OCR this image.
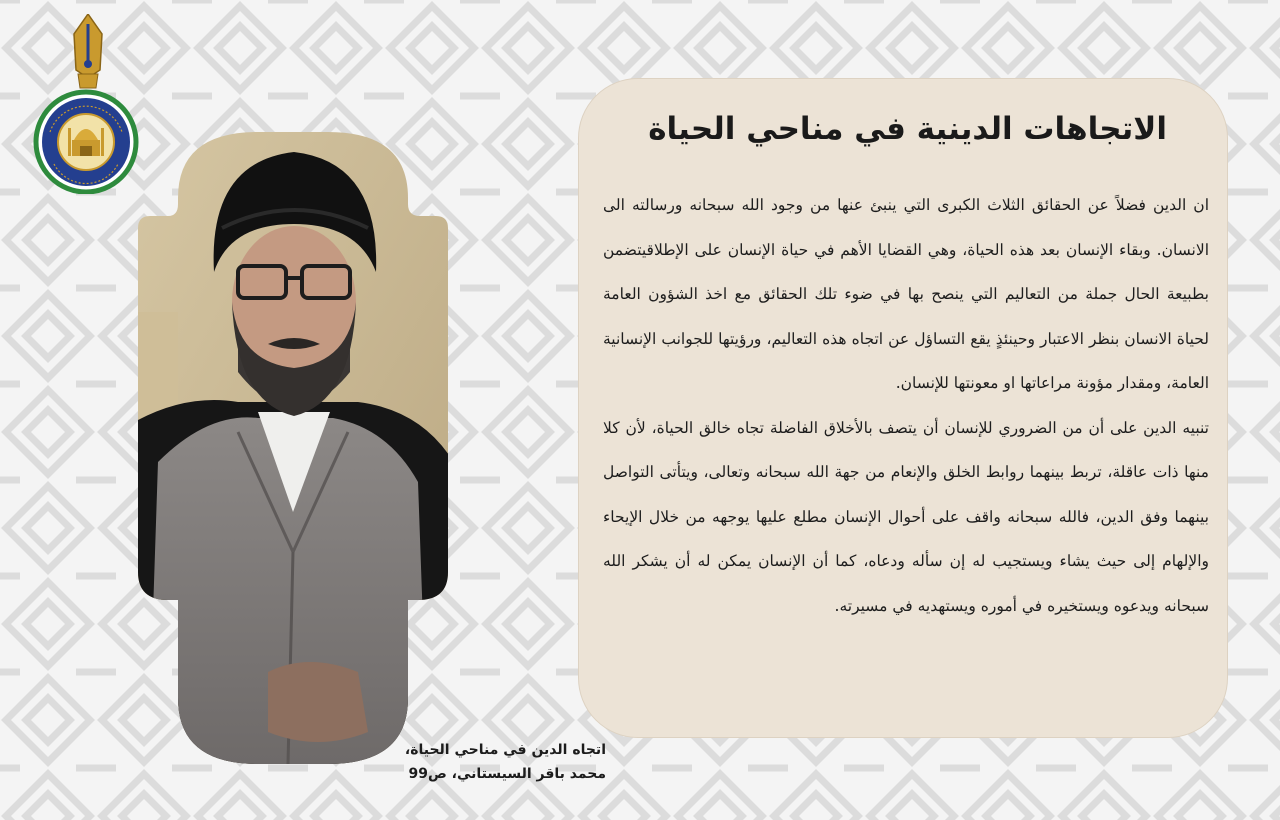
اتجاه الدين في مناحي الحياة،
محمد باقر السيستاني، ص99
الاتجاهات الدينية في مناحي الحياة

ان الدين فضلاً عن الحقائق الثلاث الكبرى التي ينبئ عنها من وجود الله سبحانه ورسالته الى الانسان. وبقاء الإنسان بعد هذه الحياة، وهي القضايا الأهم في حياة الإنسان على الإطلاقيتضمن بطبيعة الحال جملة من التعاليم التي ينصح بها في ضوء تلك الحقائق مع اخذ الشؤون العامة لحياة الانسان بنظر الاعتبار وحينئذٍ يقع التساؤل عن اتجاه هذه التعاليم، ورؤيتها للجوانب الإنسانية العامة، ومقدار مؤونة مراعاتها او معونتها للإنسان.

تنبيه الدين على أن من الضروري للإنسان أن يتصف بالأخلاق الفاضلة تجاه خالق الحياة، لأن كلا منها ذات عاقلة، تربط بينهما روابط الخلق والإنعام من جهة الله سبحانه وتعالى، ويتأتى التواصل بينهما وفق الدين، فالله سبحانه واقف على أحوال الإنسان مطلع عليها يوجهه من خلال الإيحاء والإلهام إلى حيث يشاء ويستجيب له إن سأله ودعاه، كما أن الإنسان يمكن له أن يشكر الله سبحانه ويدعوه ويستخيره في أموره ويستهديه في مسيرته.
